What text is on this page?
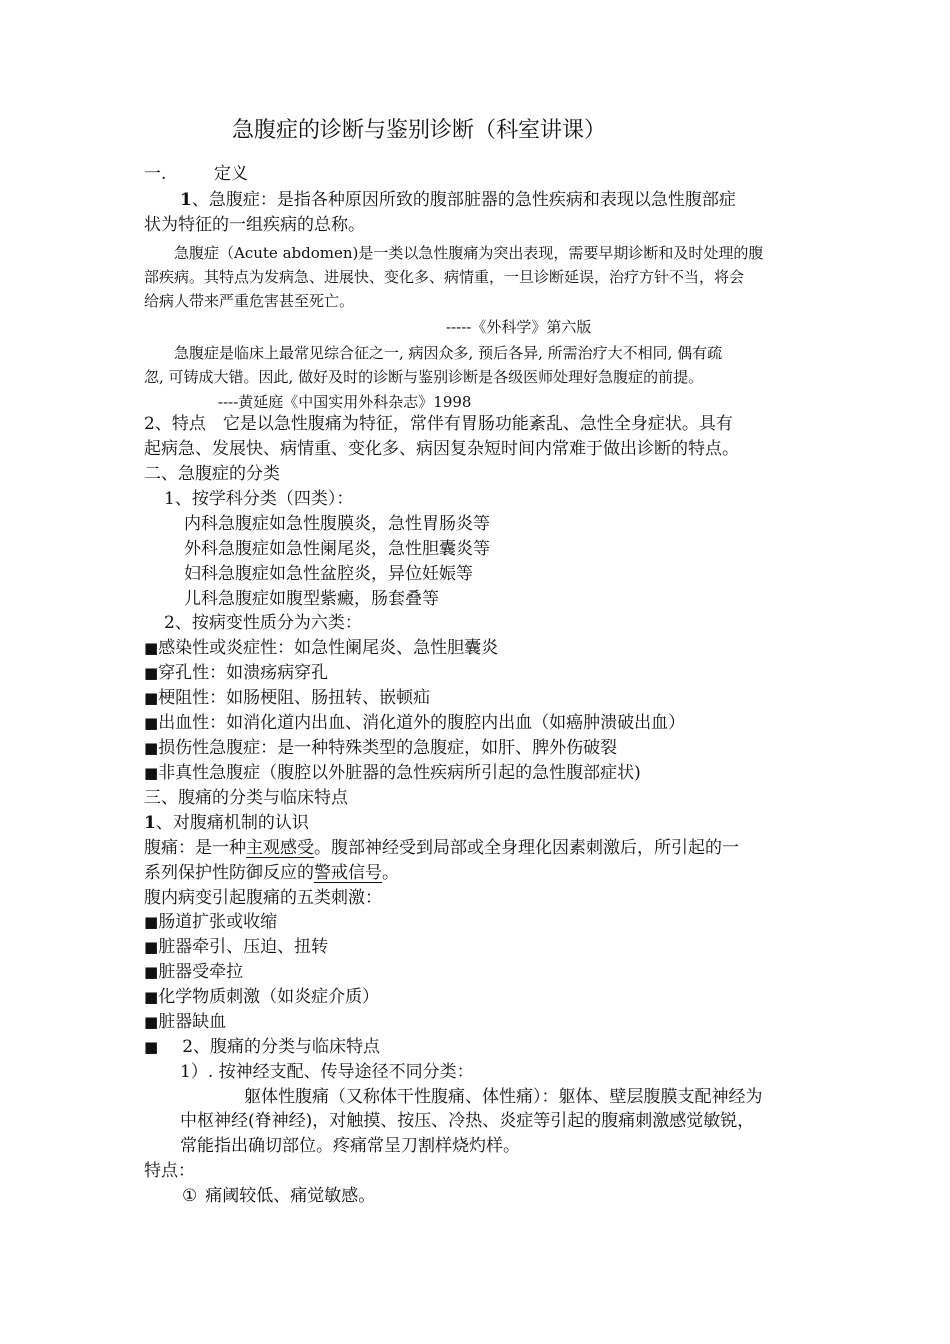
急腹症的诊断与鉴别诊断（科室讲课）
一.	定义
1、急腹症：是指各种原因所致的腹部脏器的急性疾病和表现以急性腹部症
状为特征的一组疾病的总称。
急腹症（Acute abdomen)是一类以急性腹痛为突出表现，需要早期诊断和及时处理的腹
部疾病。其特点为发病急、进展快、变化多、病情重，一旦诊断延误，治疗方针不当，将会
给病人带来严重危害甚至死亡。
-----《外科学》第六版
急腹症是临床上最常见综合征之一, 病因众多, 预后各异, 所需治疗大不相同, 偶有疏
忽, 可铸成大错。因此, 做好及时的诊断与鉴别诊断是各级医师处理好急腹症的前提。
----黄延庭《中国实用外科杂志》1998
2、特点　它是以急性腹痛为特征，常伴有胃肠功能紊乱、急性全身症状。具有
起病急、发展快、病情重、变化多、病因复杂短时间内常难于做出诊断的特点。
二、急腹症的分类
1、按学科分类（四类）：
内科急腹症如急性腹膜炎，急性胃肠炎等
外科急腹症如急性阑尾炎，急性胆囊炎等
妇科急腹症如急性盆腔炎，异位妊娠等
儿科急腹症如腹型紫癜，肠套叠等
2、按病变性质分为六类：
■感染性或炎症性：如急性阑尾炎、急性胆囊炎
■穿孔性：如溃疡病穿孔
■梗阻性：如肠梗阻、肠扭转、嵌顿疝
■出血性：如消化道内出血、消化道外的腹腔内出血（如癌肿溃破出血）
■损伤性急腹症：是一种特殊类型的急腹症，如肝、脾外伤破裂
■非真性急腹症（腹腔以外脏器的急性疾病所引起的急性腹部症状)
三、腹痛的分类与临床特点
1、对腹痛机制的认识
腹痛：是一种主观感受。腹部神经受到局部或全身理化因素刺激后，所引起的一
系列保护性防御反应的警戒信号。
腹内病变引起腹痛的五类刺激：
■肠道扩张或收缩
■脏器牵引、压迫、扭转
■脏器受牵拉
■化学物质刺激（如炎症介质）
■脏器缺血
■ 2、腹痛的分类与临床特点
1）. 按神经支配、传导途径不同分类：
躯体性腹痛（又称体干性腹痛、体性痛）：躯体、壁层腹膜支配神经为
中枢神经(脊神经)，对触摸、按压、冷热、炎症等引起的腹痛刺激感觉敏锐，
常能指出确切部位。疼痛常呈刀割样烧灼样。
特点：
① 痛阈较低、痛觉敏感。
